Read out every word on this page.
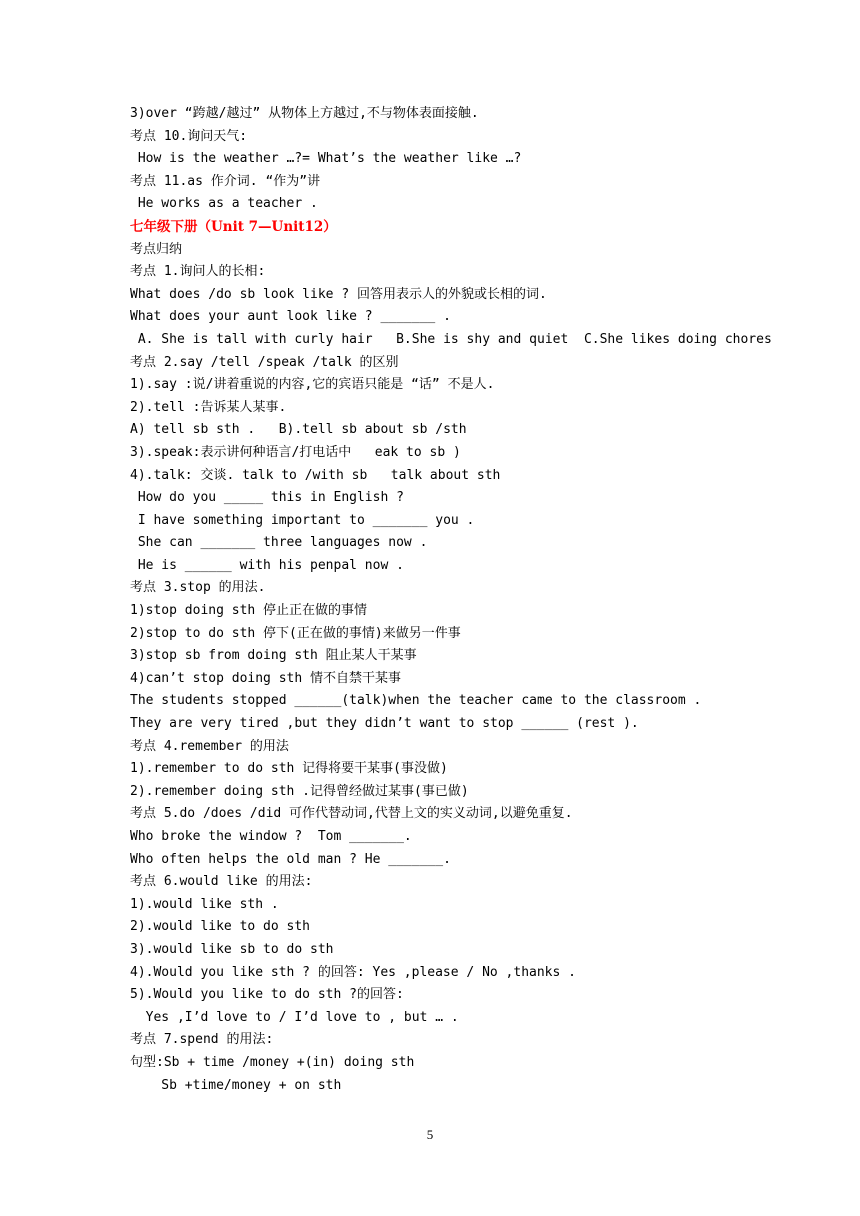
3)over “跨越/越过” 从物体上方越过,不与物体表面接触.
考点 10.询问天气:
How is the weather …?= What’s the weather like …?
考点 11.as 作介词. “作为”讲
He works as a teacher .
七年级下册（Unit 7—Unit12）
考点归纳
考点 1.询问人的长相:
What does /do sb look like ? 回答用表示人的外貌或长相的词.
What does your aunt look like ? _______ .
A. She is tall with curly hair   B.She is shy and quiet  C.She likes doing chores
考点 2.say /tell /speak /talk 的区别
1).say :说/讲着重说的内容,它的宾语只能是 “话” 不是人.
2).tell :告诉某人某事.
A) tell sb sth .   B).tell sb about sb /sth
3).speak:表示讲何种语言/打电话中   eak to sb )
4).talk: 交谈. talk to /with sb   talk about sth
How do you _____ this in English ?
I have something important to _______ you .
She can _______ three languages now .
He is ______ with his penpal now .
考点 3.stop 的用法.
1)stop doing sth 停止正在做的事情
2)stop to do sth 停下(正在做的事情)来做另一件事
3)stop sb from doing sth 阻止某人干某事
4)can’t stop doing sth 情不自禁干某事
The students stopped ______(talk)when the teacher came to the classroom .
They are very tired ,but they didn’t want to stop ______ (rest ).
考点 4.remember 的用法
1).remember to do sth 记得将要干某事(事没做)
2).remember doing sth .记得曾经做过某事(事已做)
考点 5.do /does /did 可作代替动词,代替上文的实义动词,以避免重复.
Who broke the window ?  Tom _______.
Who often helps the old man ? He _______.
考点 6.would like 的用法:
1).would like sth .
2).would like to do sth
3).would like sb to do sth
4).Would you like sth ? 的回答: Yes ,please / No ,thanks .
5).Would you like to do sth ?的回答:
Yes ,I’d love to / I’d love to , but … .
考点 7.spend 的用法:
句型:Sb + time /money +(in) doing sth
Sb +time/money + on sth
5
